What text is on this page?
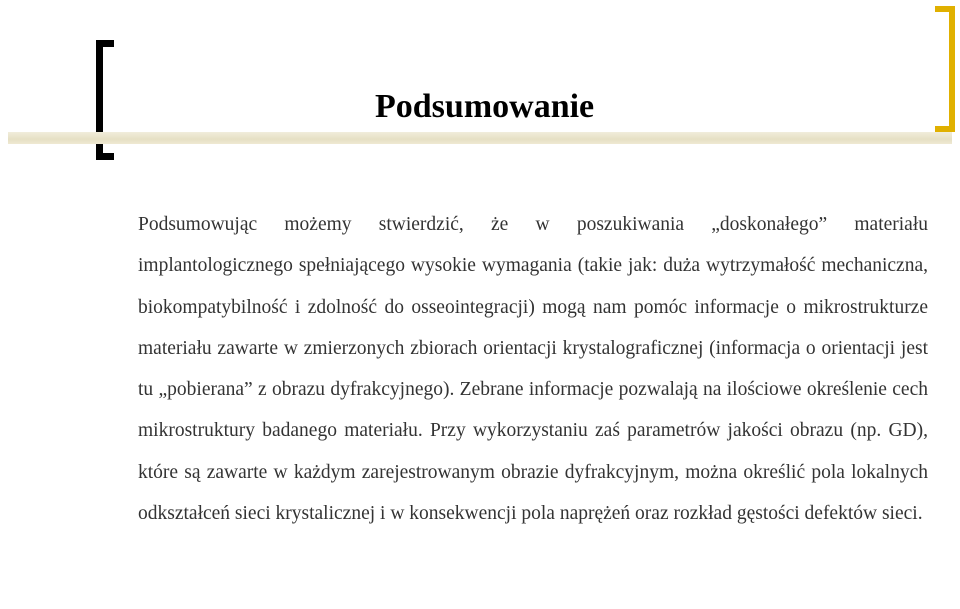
Podsumowanie

Podsumowując możemy stwierdzić, że w poszukiwania „doskonałego” materiału implantologicznego spełniającego wysokie wymagania (takie jak: duża wytrzymałość mechaniczna, biokompatybilność i zdolność do osseointegracji) mogą nam pomóc informacje o mikrostrukturze materiału zawarte w zmierzonych zbiorach orientacji krystalograficznej (informacja o orientacji jest tu „pobierana” z obrazu dyfrakcyjnego). Zebrane informacje pozwalają na ilościowe określenie cech mikrostruktury badanego materiału. Przy wykorzystaniu zaś parametrów jakości obrazu (np. GD), które są zawarte w każdym zarejestrowanym obrazie dyfrakcyjnym, można określić pola lokalnych odkształceń sieci krystalicznej i w konsekwencji pola naprężeń oraz rozkład gęstości defektów sieci.
